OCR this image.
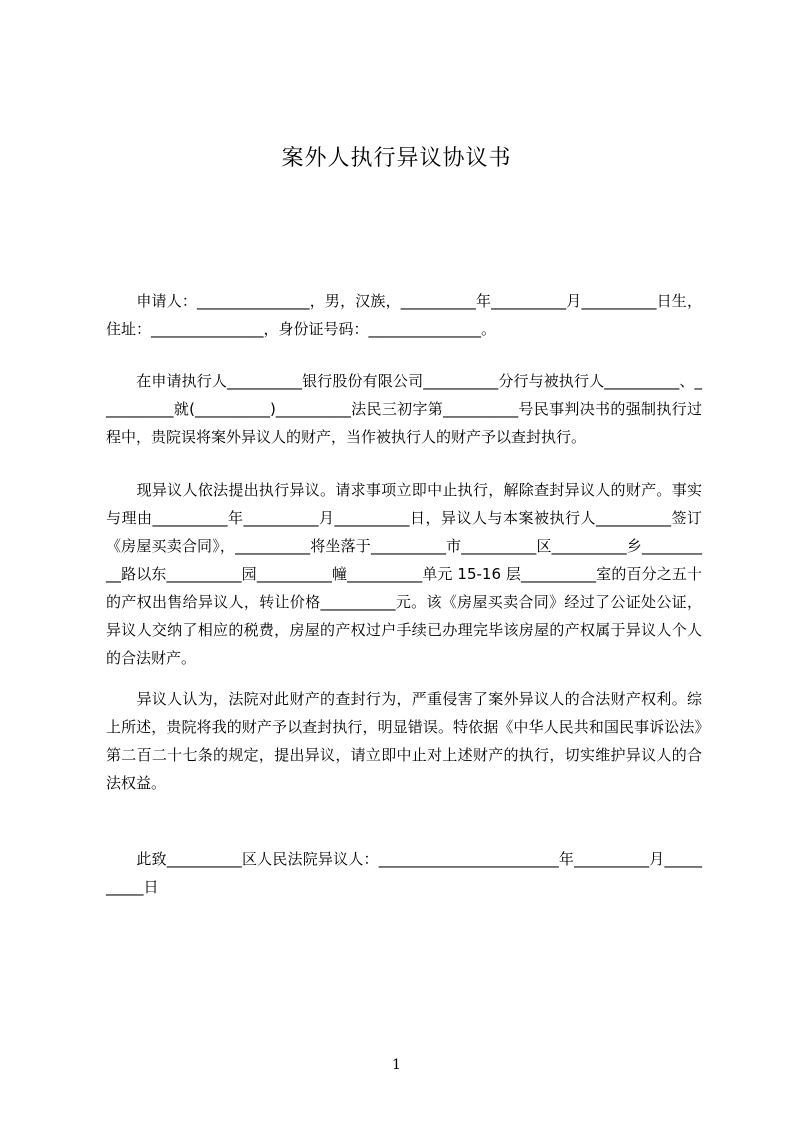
案外人执行异议协议书

　　申请人：_______________，男，汉族，__________年__________月__________日生，住址：_______________，身份证号码：_______________。

　　在申请执行人__________银行股份有限公司__________分行与被执行人__________、__________就(__________)__________法民三初字第__________号民事判决书的强制执行过程中，贵院误将案外异议人的财产，当作被执行人的财产予以查封执行。

　　现异议人依法提出执行异议。请求事项立即中止执行，解除查封异议人的财产。事实与理由__________年__________月__________日，异议人与本案被执行人__________签订《房屋买卖合同》，__________将坐落于__________市__________区__________乡__________路以东__________园__________幢__________单元 15-16 层__________室的百分之五十的产权出售给异议人，转让价格__________元。该《房屋买卖合同》经过了公证处公证，异议人交纳了相应的税费，房屋的产权过户手续已办理完毕该房屋的产权属于异议人个人的合法财产。

　　异议人认为，法院对此财产的查封行为，严重侵害了案外异议人的合法财产权利。综上所述，贵院将我的财产予以查封执行，明显错误。特依据《中华人民共和国民事诉讼法》第二百二十七条的规定，提出异议，请立即中止对上述财产的执行，切实维护异议人的合法权益。

　　此致__________区人民法院异议人：________________________年__________月__________日

1
